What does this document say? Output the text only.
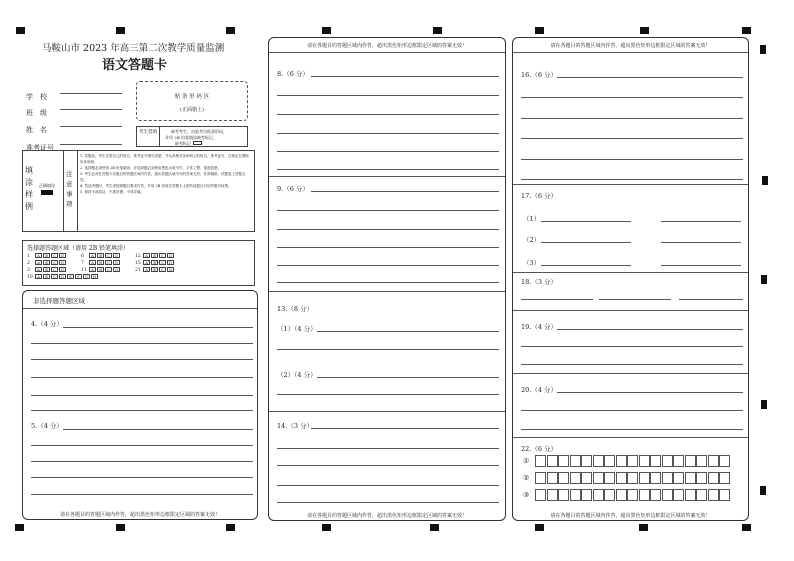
马鞍山市 2023 年高三第二次教学质量监测
语文答题卡
学　校
班　级
姓　名
准考证号
贴 条 形 码 区
(正面朝上)
考生禁填	缺考考生，由监考员贴条形码，
并用 2B 铅笔填涂缺考标记。
缺考标记
填涂样例
正确填涂
注意事项
1. 答题前，考生先将自己的姓名、准考证号填写清楚，并认真核对条形码上的姓名、准考证号，在规定位置贴好条形码。
2. 选择题必须使用 2B 铅笔填涂；非选择题必须使用黑色水笔书写，字体工整、笔迹清楚。
3. 考生必须在答题卡各题目的答题区域内作答，超出答题区域书写的答案无效；在草稿纸、试题卷上答题无效。
4. 答选考题时，考生须按照题目要求作答，并用 2B 铅笔在答题卡上把所选题目对应的题号涂黑。
5. 保持卡面清洁，不准折叠、不得弄破。
选择题答题区域（请用 2B 铅笔填涂）
1 A B C D
2 A B C D
3 A B C D
6 A B C D
7 A B C D
11 A B C D
12 A B C D
15 A B C D
21 A B C D
10 A B C D E F G H
非选择题答题区域
4.（4 分）
5.（4 分）
请在各题目的答题区域内作答，超出黑色矩形边框限定区域的答案无效！
请在各题目的答题区域内作答，超出黑色矩形边框限定区域的答案无效！
8.（6 分）
9.（6 分）
13.（8 分）
（1）（4 分）
（2）（4 分）
14.（3 分）
请在各题目的答题区域内作答，超出黑色矩形边框限定区域的答案无效！
请在各题目的答题区域内作答，超出黑色矩形边框限定区域的答案无效！
16.（6 分）
17.（6 分）
（1）
（2）
（3）
18.（3 分）
19.（4 分）
20.（4 分）
22.（6 分）
①
②
③
请在各题目的答题区域内作答，超出黑色矩形边框限定区域的答案无效！
